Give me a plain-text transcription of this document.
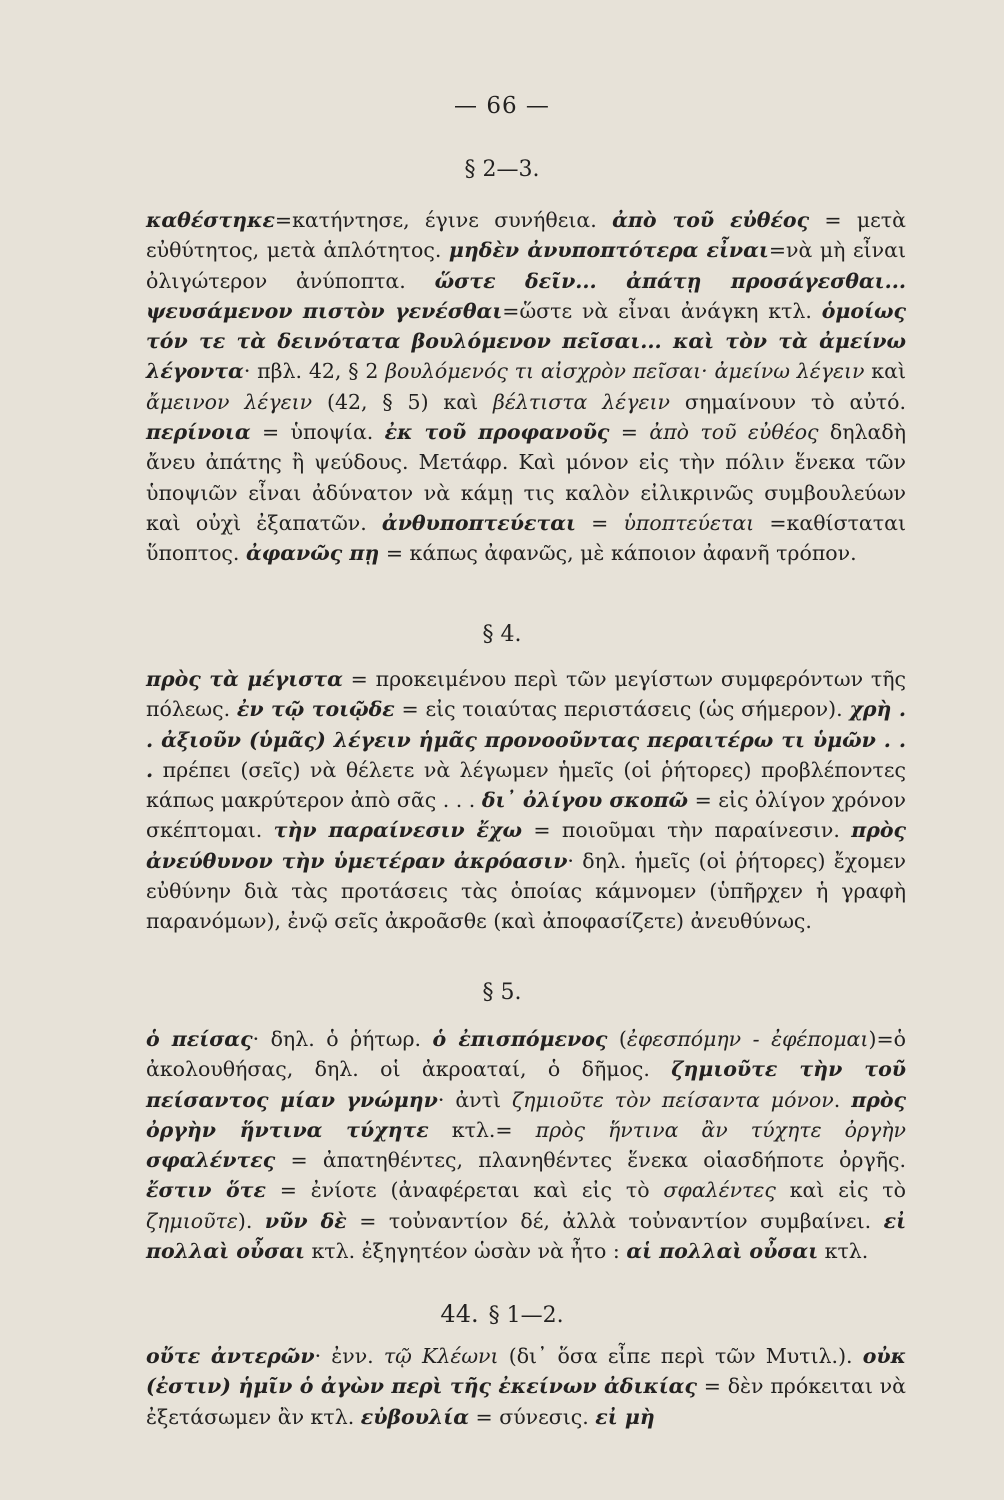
— 66 —
§ 2—3.

καθέστηκε=κατήντησε, έγινε συνήθεια. ἀπὸ τοῦ εὐθέος = μετὰ εὐθύτητος, μετὰ ἁπλότητος. μηδὲν ἀνυποπτότερα εἶναι=νὰ μὴ εἶναι ὀλιγώτερον ἀνύποπτα. ὥστε δεῖν... ἀπάτῃ προσάγεσθαι... ψευσάμενον πιστὸν γενέσθαι=ὥστε νὰ εἶναι ἀνάγκη κτλ. ὁμοίως τόν τε τὰ δεινότατα βουλόμενον πεῖσαι... καὶ τὸν τὰ ἀμείνω λέγοντα· πβλ. 42, § 2 βουλόμενός τι αἰσχρὸν πεῖσαι· ἀμείνω λέγειν καὶ ἄμεινον λέγειν (42, § 5) καὶ βέλτιστα λέγειν σημαίνουν τὸ αὐτό. περίνοια = ὑποψία. ἐκ τοῦ προφανοῦς = ἀπὸ τοῦ εὐθέος δηλαδὴ ἄνευ ἀπάτης ἢ ψεύδους. Μετάφρ. Καὶ μόνον εἰς τὴν πόλιν ἕνεκα τῶν ὑποψιῶν εἶναι ἀδύνατον νὰ κάμῃ τις καλὸν εἰλικρινῶς συμβουλεύων καὶ οὐχὶ ἐξαπατῶν. ἀνθυποπτεύεται = ὑποπτεύεται =καθίσταται ὕποπτος. ἀφανῶς πῃ = κάπως ἀφανῶς, μὲ κάποιον ἀφανῆ τρόπον.

§ 4.

πρὸς τὰ μέγιστα = προκειμένου περὶ τῶν μεγίστων συμφερόντων τῆς πόλεως. ἐν τῷ τοιῷδε = εἰς τοιαύτας περιστάσεις (ὡς σήμερον). χρὴ . . ἀξιοῦν (ὑμᾶς) λέγειν ἡμᾶς προνοοῦντας περαιτέρω τι ὑμῶν . . . πρέπει (σεῖς) νὰ θέλετε νὰ λέγωμεν ἡμεῖς (οἱ ῥήτορες) προβλέποντες κάπως μακρύτερον ἀπὸ σᾶς . . . δι᾽ ὀλίγου σκοπῶ = εἰς ὀλίγον χρόνον σκέπτομαι. τὴν παραίνεσιν ἔχω = ποιοῦμαι τὴν παραίνεσιν. πρὸς ἀνεύθυνον τὴν ὑμετέραν ἀκρόασιν· δηλ. ἡμεῖς (οἱ ῥήτορες) ἔχομεν εὐθύνην διὰ τὰς προτάσεις τὰς ὁποίας κάμνομεν (ὑπῆρχεν ἡ γραφὴ παρανόμων), ἐνῷ σεῖς ἀκροᾶσθε (καὶ ἀποφασίζετε) ἀνευθύνως.

§ 5.

ὁ πείσας· δηλ. ὁ ῥήτωρ. ὁ ἐπισπόμενος (ἐφεσπόμην - ἐφέπομαι)=ὁ ἀκολουθήσας, δηλ. οἱ ἀκροαταί, ὁ δῆμος. ζημιοῦτε τὴν τοῦ πείσαντος μίαν γνώμην· ἀντὶ ζημιοῦτε τὸν πείσαντα μόνον. πρὸς ὀργὴν ἥντινα τύχητε κτλ.= πρὸς ἥντινα ἂν τύχητε ὀργὴν σφαλέντες = ἀπατηθέντες, πλανηθέντες ἕνεκα οἱασδήποτε ὀργῆς. ἔστιν ὅτε = ἐνίοτε (ἀναφέρεται καὶ εἰς τὸ σφαλέντες καὶ εἰς τὸ ζημιοῦτε). νῦν δὲ = τοὐναντίον δέ, ἀλλὰ τοὐναντίον συμβαίνει. εἰ πολλαὶ οὖσαι κτλ. ἐξηγητέον ὡσὰν νὰ ἦτο : αἱ πολλαὶ οὖσαι κτλ.

44. § 1—2.

οὔτε ἀντερῶν· ἐνν. τῷ Κλέωνι (δι᾽ ὅσα εἶπε περὶ τῶν Μυτιλ.). οὐκ (ἐστιν) ἡμῖν ὁ ἀγὼν περὶ τῆς ἐκείνων ἀδικίας = δὲν πρόκειται νὰ ἐξετάσωμεν ἂν κτλ. εὐβουλία = σύνεσις. εἰ μὴ
